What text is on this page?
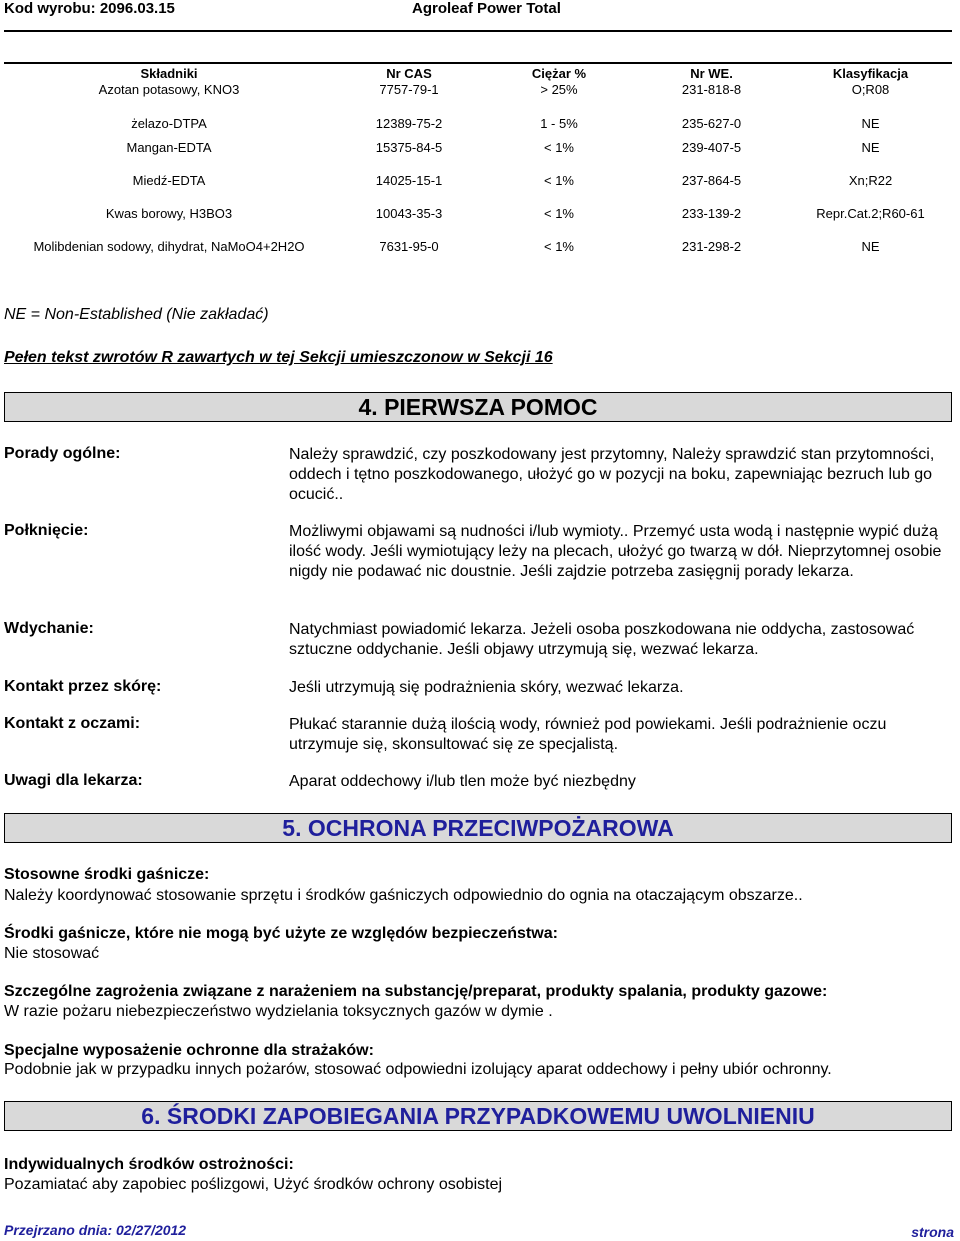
Kod wyrobu: 2096.03.15	Agroleaf Power Total
Składniki	Nr CAS	Ciężar %	Nr WE.	Klasyfikacja
Azotan potasowy, KNO3	7757-79-1	> 25%	231-818-8	O;R08
żelazo-DTPA	12389-75-2	1 - 5%	235-627-0	NE
Mangan-EDTA	15375-84-5	< 1%	239-407-5	NE
Miedź-EDTA	14025-15-1	< 1%	237-864-5	Xn;R22
Kwas borowy, H3BO3	10043-35-3	< 1%	233-139-2	Repr.Cat.2;R60-61
Molibdenian sodowy, dihydrat, NaMoO4+2H2O	7631-95-0	< 1%	231-298-2	NE
NE = Non-Established (Nie zakładać)
Pełen tekst zwrotów R zawartych w tej Sekcji umieszczonow w Sekcji 16
4. PIERWSZA POMOC
Porady ogólne:	Należy sprawdzić, czy poszkodowany jest przytomny, Należy sprawdzić stan przytomności, oddech i tętno poszkodowanego, ułożyć go w pozycji na boku, zapewniając bezruch lub go ocucić..
Połknięcie:	Możliwymi objawami są nudności i/lub wymioty.. Przemyć usta wodą i następnie wypić dużą ilość wody. Jeśli wymiotujący leży na plecach, ułożyć go twarzą w dół. Nieprzytomnej osobie nigdy nie podawać nic doustnie. Jeśli zajdzie potrzeba zasięgnij porady lekarza.
Wdychanie:	Natychmiast powiadomić lekarza. Jeżeli osoba poszkodowana nie oddycha, zastosować sztuczne oddychanie. Jeśli objawy utrzymują się, wezwać lekarza.
Kontakt przez skórę:	Jeśli utrzymują się podrażnienia skóry, wezwać lekarza.
Kontakt z oczami:	Płukać starannie dużą ilością wody, również pod powiekami. Jeśli podrażnienie oczu utrzymuje się, skonsultować się ze specjalistą.
Uwagi dla lekarza:	Aparat oddechowy i/lub tlen może być niezbędny
5. OCHRONA PRZECIWPOŻAROWA
Stosowne środki gaśnicze:
Należy koordynować stosowanie sprzętu i środków gaśniczych odpowiednio do ognia na otaczającym obszarze..
Środki gaśnicze, które nie mogą być użyte ze względów bezpieczeństwa:
Nie stosować
Szczególne zagrożenia związane z narażeniem na substancję/preparat, produkty spalania, produkty gazowe:
W razie pożaru niebezpieczeństwo wydzielania toksycznych gazów w dymie .
Specjalne wyposażenie ochronne dla strażaków:
Podobnie jak w przypadku innych pożarów, stosować odpowiedni izolujący aparat oddechowy i pełny ubiór ochronny.
6. ŚRODKI ZAPOBIEGANIA PRZYPADKOWEMU UWOLNIENIU
Indywidualnych środków ostrożności:
Pozamiatać aby zapobiec poślizgowi, Użyć środków ochrony osobistej
Przejrzano dnia: 02/27/2012	strona
